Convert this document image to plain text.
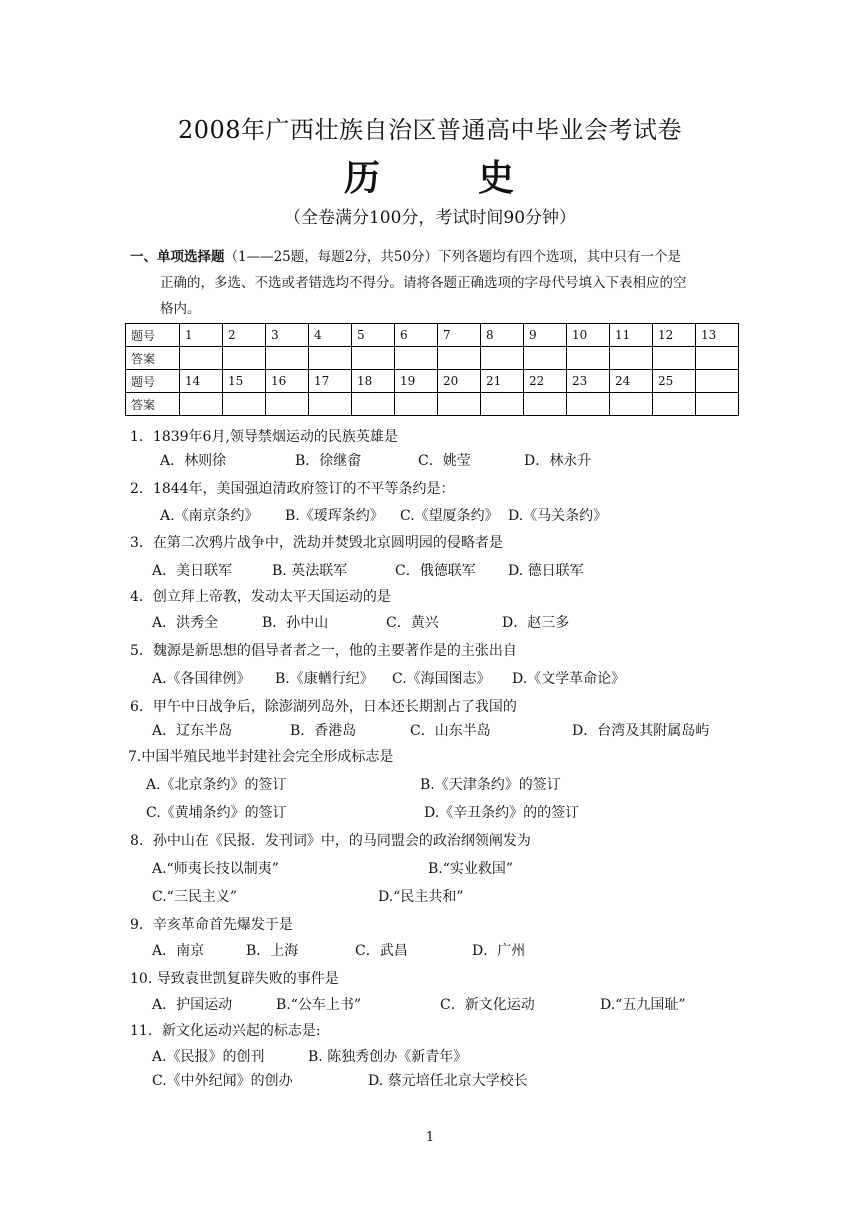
2008年广西壮族自治区普通高中毕业会考试卷
历	史
（全卷满分100分，考试时间90分钟）
一、单项选择题（1——25题，每题2分，共50分）下列各题均有四个选项，其中只有一个是
正确的，多选、不选或者错选均不得分。请将各题正确选项的字母代号填入下表相应的空
格内。
题号	1	2	3	4	5	6	7	8	9	10	11	12	13
答案													
题号	14	15	16	17	18	19	20	21	22	23	24	25	
答案													
1．1839年6月,领导禁烟运动的民族英雄是
A．林则徐	B．徐继畲	C．姚莹	D．林永升
2．1844年，美国强迫清政府签订的不平等条约是：
A.《南京条约》 B.《瑷珲条约》 C.《望厦条约》 D.《马关条约》
3．在第二次鸦片战争中，洗劫并焚毁北京圆明园的侵略者是
A．美日联军	B. 英法联军	C．俄德联军 D. 德日联军
4．创立拜上帝教，发动太平天国运动的是
A．洪秀全	B．孙中山	C．黄兴	D．赵三多
5．魏源是新思想的倡导者者之一，他的主要著作是的主张出自
A.《各国律例》 B.《康輶行纪》 C.《海国图志》 D.《文学革命论》
6．甲午中日战争后，除澎湖列岛外，日本还长期割占了我国的
A．辽东半岛	B．香港岛	C．山东半岛	D．台湾及其附属岛屿
7.中国半殖民地半封建社会完全形成标志是
A.《北京条约》的签订	B.《天津条约》的签订
C.《黄埔条约》的签订	D.《辛丑条约》的的签订
8．孙中山在《民报．发刊词》中，的马同盟会的政治纲领阐发为
A.“师夷长技以制夷”	B.“实业救国”
C.“三民主义”	D.“民主共和”
9．辛亥革命首先爆发于是
A．南京	B．上海	C．武昌	D．广州
10. 导致袁世凯复辟失败的事件是
A．护国运动	B.“公车上书”	C．新文化运动	D.“五九国耻”
11．新文化运动兴起的标志是:
A.《民报》的创刊	B. 陈独秀创办《新青年》
C.《中外纪闻》的创办	D. 蔡元培任北京大学校长
1
